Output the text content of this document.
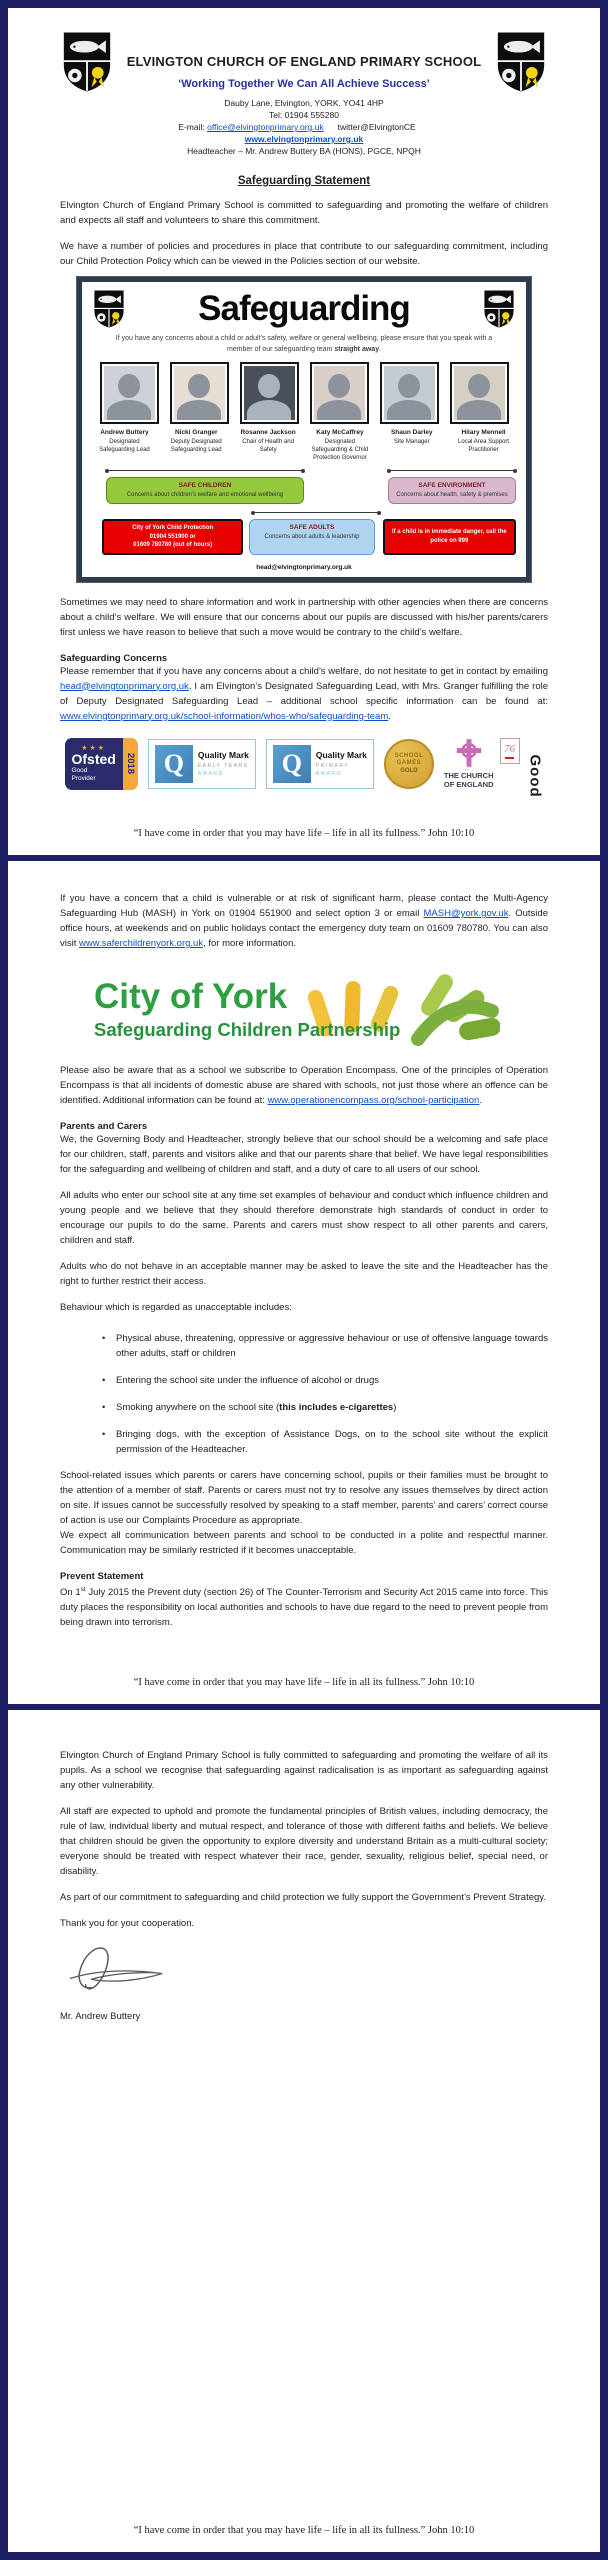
ELVINGTON CHURCH OF ENGLAND PRIMARY SCHOOL
‘Working Together We Can All Achieve Success’
Dauby Lane, Elvington, YORK. YO41 4HP
Tel: 01904 555280
E-mail: office@elvingtonprimary.org.uk twitter@ElvingtonCEwww.elvingtonprimary.org.uk
Headteacher – Mr. Andrew Buttery BA (HONS), PGCE, NPQH
Safeguarding Statement

Elvington Church of England Primary School is committed to safeguarding and promoting the welfare of children and expects all staff and volunteers to share this commitment.

We have a number of policies and procedures in place that contribute to our safeguarding commitment, including our Child Protection Policy which can be viewed in the Policies section of our website.

Safeguarding
If you have any concerns about a child or adult’s safety, welfare or general wellbeing, please ensure that you speak with a member of our safeguarding team straight away.
Andrew Buttery
Designated Safeguarding Lead
Nicki Granger
Deputy Designated Safeguarding Lead
Rosanne Jackson
Chair of Health and Safety
Katy McCaffrey
Designated Safeguarding & Child Protection Governor
Shaun Darley
Site Manager
Hilary Mennell
Local Area Support Practitioner
SAFE CHILDREN
Concerns about children’s welfare and emotional wellbeing
SAFE ENVIRONMENT
Concerns about health, safety & premises
City of York Child Protection
01904 551900 or
01609 780780 (out of hours)
SAFE ADULTS
Concerns about adults & leadership
If a child is in immediate danger, call the police on 999
head@elvingtonprimary.org.uk

Sometimes we may need to share information and work in partnership with other agencies when there are concerns about a child’s welfare. We will ensure that our concerns about our pupils are discussed with his/her parents/carers first unless we have reason to believe that such a move would be contrary to the child’s welfare.

Safeguarding Concerns

Please remember that if you have any concerns about a child’s welfare, do not hesitate to get in contact by emailing head@elvingtonprimary.org.uk. I am Elvington’s Designated Safeguarding Lead, with Mrs. Granger fulfilling the role of Deputy Designated Safeguarding Lead – additional school specific information can be found at: www.elvingtonprimary.org.uk/school-information/whos-who/safeguarding-team.

★★★
Ofsted
Good
Provider
2018	Q	Quality Mark
EARLY YEARS
AWARD	Q	Quality Mark
PRIMARY
AWARD
SCHOOL
GAMES
GOLD	THE CHURCH
OF ENGLAND
76
Good
“I have come in order that you may have life – life in all its fullness.” John 10:10

If you have a concern that a child is vulnerable or at risk of significant harm, please contact the Multi-Agency Safeguarding Hub (MASH) in York on 01904 551900 and select option 3 or email MASH@york.gov.uk. Outside office hours, at weekends and on public holidays contact the emergency duty team on 01609 780780. You can also visit www.saferchildrenyork.org.uk, for more information.

City of York
Safeguarding Children Partnership

Please also be aware that as a school we subscribe to Operation Encompass. One of the principles of Operation Encompass is that all incidents of domestic abuse are shared with schools, not just those where an offence can be identified. Additional information can be found at: www.operationencompass.org/school-participation.

Parents and Carers

We, the Governing Body and Headteacher, strongly believe that our school should be a welcoming and safe place for our children, staff, parents and visitors alike and that our parents share that belief. We have legal responsibilities for the safeguarding and wellbeing of children and staff, and a duty of care to all users of our school.

All adults who enter our school site at any time set examples of behaviour and conduct which influence children and young people and we believe that they should therefore demonstrate high standards of conduct in order to encourage our pupils to do the same. Parents and carers must show respect to all other parents and carers, children and staff.

Adults who do not behave in an acceptable manner may be asked to leave the site and the Headteacher has the right to further restrict their access.

Behaviour which is regarded as unacceptable includes:

• Physical abuse, threatening, oppressive or aggressive behaviour or use of offensive language towards other adults, staff or children
• Entering the school site under the influence of alcohol or drugs
• Smoking anywhere on the school site (this includes e-cigarettes)
• Bringing dogs, with the exception of Assistance Dogs, on to the school site without the explicit permission of the Headteacher.

School-related issues which parents or carers have concerning school, pupils or their families must be brought to the attention of a member of staff. Parents or carers must not try to resolve any issues themselves by direct action on site. If issues cannot be successfully resolved by speaking to a staff member, parents’ and carers’ correct course of action is use our Complaints Procedure as appropriate.

We expect all communication between parents and school to be conducted in a polite and respectful manner. Communication may be similarly restricted if it becomes unacceptable.

Prevent Statement

On 1st July 2015 the Prevent duty (section 26) of The Counter-Terrorism and Security Act 2015 came into force. This duty places the responsibility on local authorities and schools to have due regard to the need to prevent people from being drawn into terrorism.

“I have come in order that you may have life – life in all its fullness.” John 10:10

Elvington Church of England Primary School is fully committed to safeguarding and promoting the welfare of all its pupils. As a school we recognise that safeguarding against radicalisation is as important as safeguarding against any other vulnerability.

All staff are expected to uphold and promote the fundamental principles of British values, including democracy, the rule of law, individual liberty and mutual respect, and tolerance of those with different faiths and beliefs. We believe that children should be given the opportunity to explore diversity and understand Britain as a multi-cultural society; everyone should be treated with respect whatever their race, gender, sexuality, religious belief, special need, or disability.

As part of our commitment to safeguarding and child protection we fully support the Government’s Prevent Strategy.

Thank you for your cooperation.

Mr. Andrew Buttery
“I have come in order that you may have life – life in all its fullness.” John 10:10
